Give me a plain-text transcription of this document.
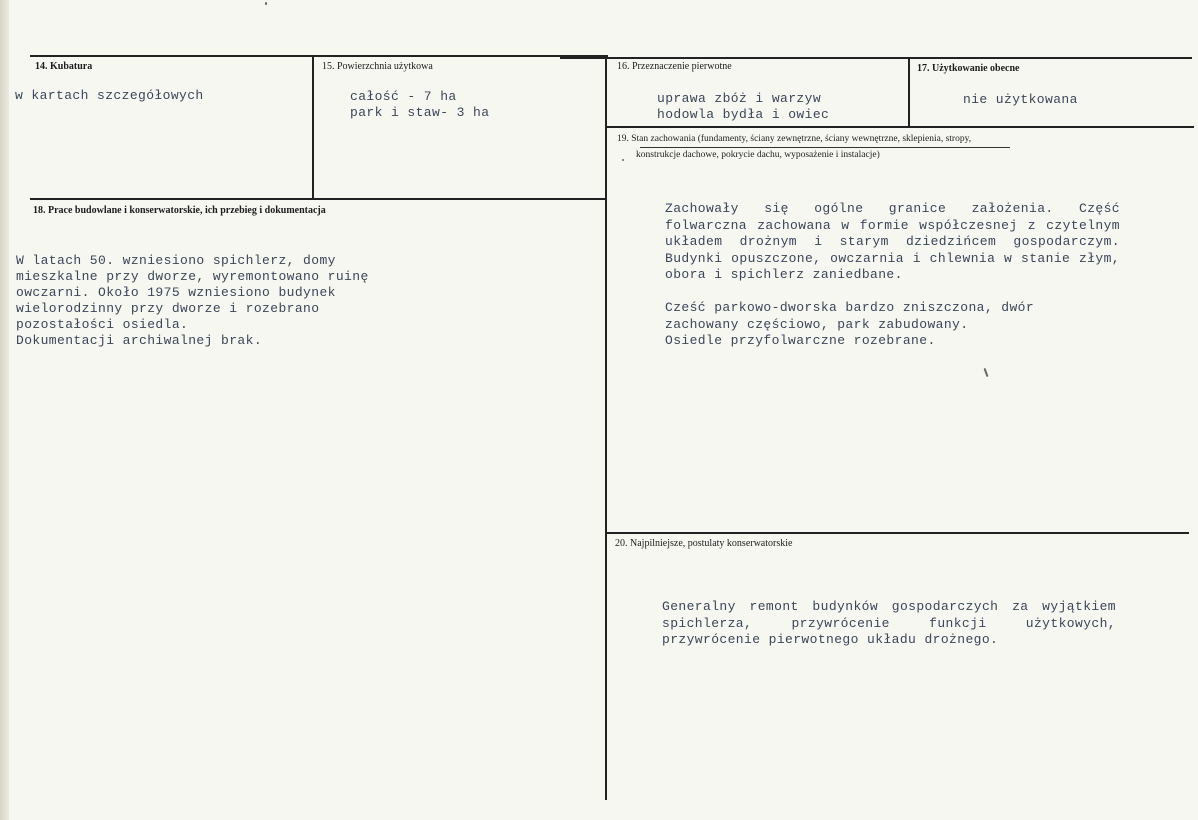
14. Kubatura

w kartach szczegółowych

15. Powierzchnia użytkowa

całość - 7 ha

park i staw- 3 ha

16. Przeznaczenie pierwotne

uprawa zbóż i warzyw

hodowla bydła i owiec

17. Użytkowanie obecne

nie użytkowana

19. Stan zachowania (fundamenty, ściany zewnętrzne, ściany wewnętrzne, sklepienia, stropy,
konstrukcje dachowe, pokrycie dachu, wyposażenie i instalacje)

Zachowały się ogólne granice założenia. Część folwarczna zachowana w formie współczesnej z czytelnym układem drożnym i starym dziedzińcem gospodarczym. Budynki opuszczone, owczarnia i chlewnia w stanie złym, obora i spichlerz zaniedbane.

Cześć parkowo-dworska bardzo zniszczona, dwór

zachowany częściowo, park zabudowany.

Osiedle przyfolwarczne rozebrane.

18. Prace budowlane i konserwatorskie, ich przebieg i dokumentacja

W latach 50. wzniesiono spichlerz, domy

mieszkalne przy dworze, wyremontowano ruinę

owczarni. Około 1975 wzniesiono budynek

wielorodzinny przy dworze i rozebrano

pozostałości osiedla.

Dokumentacji archiwalnej brak.

20. Najpilniejsze, postulaty konserwatorskie

Generalny remont budynków gospodarczych za wyjątkiem spichlerza, przywrócenie funkcji użytkowych, przywrócenie pierwotnego układu drożnego.
